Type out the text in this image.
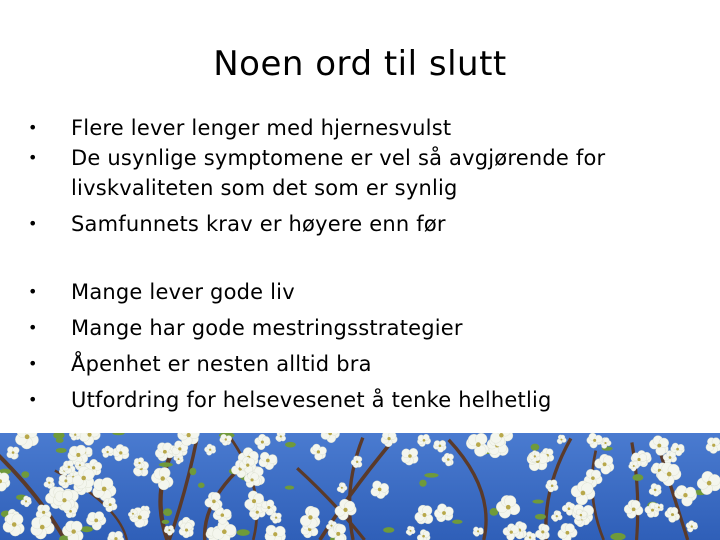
Noen ord til slutt
• Flere lever lenger med hjernesvulst
• De usynlige symptomene er vel så avgjørende for livskvaliteten som det som er synlig
• Samfunnets krav er høyere enn før
• Mange lever gode liv
• Mange har gode mestringsstrategier
• Åpenhet er nesten alltid bra
• Utfordring for helsevesenet å tenke helhetlig
